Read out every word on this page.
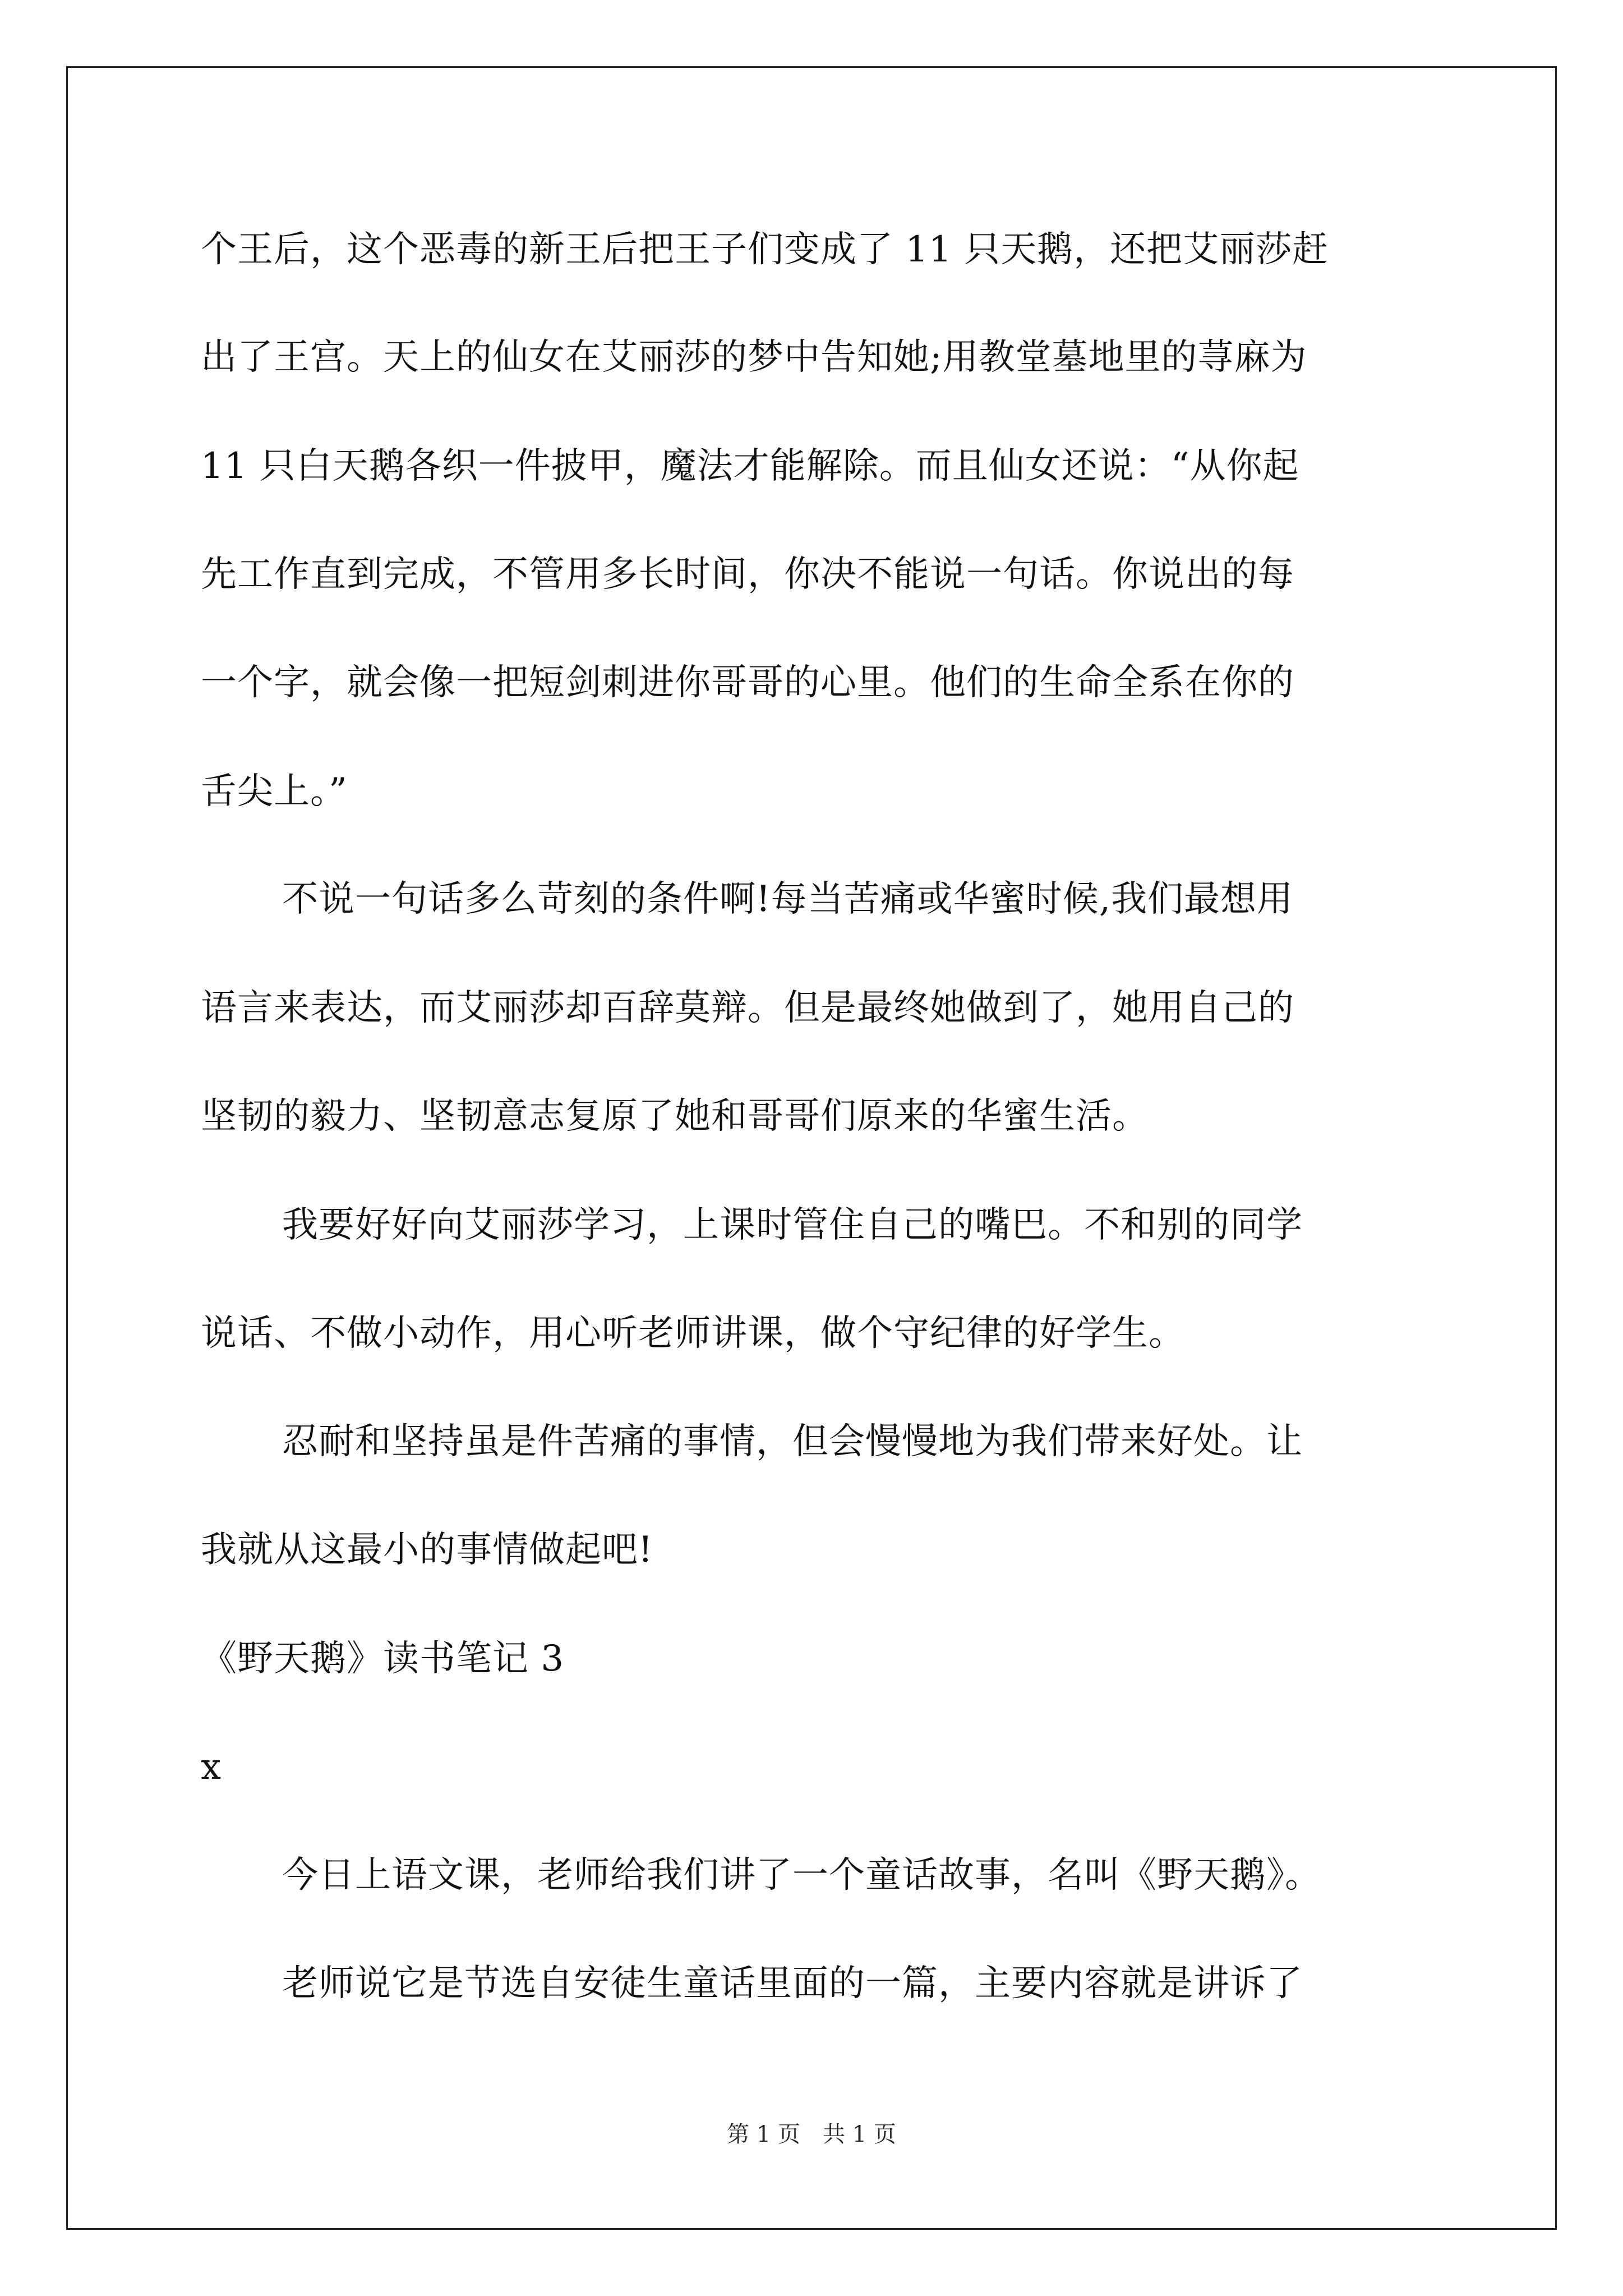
个王后，这个恶毒的新王后把王子们变成了 11 只天鹅，还把艾丽莎赶
出了王宫。天上的仙女在艾丽莎的梦中告知她;用教堂墓地里的荨麻为
11 只白天鹅各织一件披甲，魔法才能解除。而且仙女还说：“从你起
先工作直到完成，不管用多长时间，你决不能说一句话。你说出的每
一个字，就会像一把短剑刺进你哥哥的心里。他们的生命全系在你的
舌尖上。”
不说一句话多么苛刻的条件啊!每当苦痛或华蜜时候,我们最想用
语言来表达，而艾丽莎却百辞莫辩。但是最终她做到了，她用自己的
坚韧的毅力、坚韧意志复原了她和哥哥们原来的华蜜生活。
我要好好向艾丽莎学习，上课时管住自己的嘴巴。不和别的同学
说话、不做小动作，用心听老师讲课，做个守纪律的好学生。
忍耐和坚持虽是件苦痛的事情，但会慢慢地为我们带来好处。让
我就从这最小的事情做起吧!
《野天鹅》读书笔记 3
x
今日上语文课，老师给我们讲了一个童话故事，名叫《野天鹅》。
老师说它是节选自安徒生童话里面的一篇，主要内容就是讲诉了
第 1 页　共 1 页
